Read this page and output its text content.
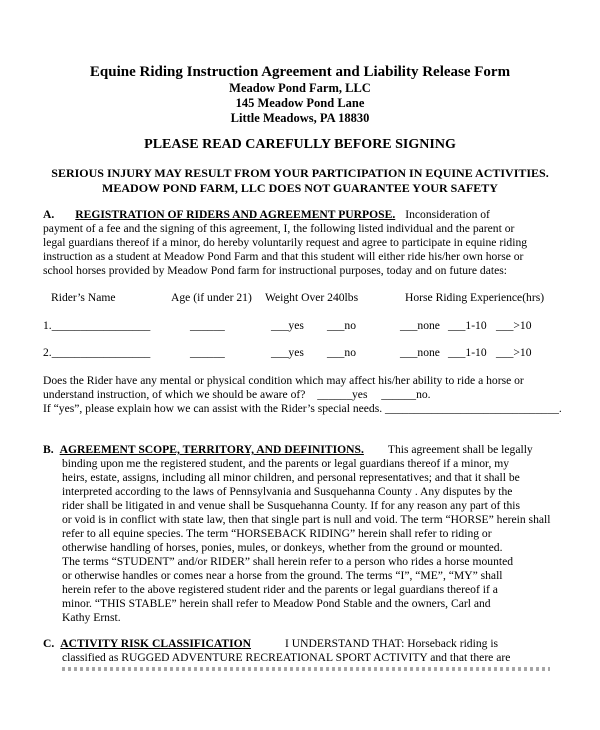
Equine Riding Instruction Agreement and Liability Release Form
Meadow Pond Farm, LLC
145 Meadow Pond Lane
Little Meadows, PA 18830
PLEASE READ CAREFULLY BEFORE SIGNING
SERIOUS INJURY MAY RESULT FROM YOUR PARTICIPATION IN EQUINE ACTIVITIES.
MEADOW POND FARM, LLC DOES NOT GUARANTEE YOUR SAFETY
A. REGISTRATION OF RIDERS AND AGREEMENT PURPOSE. Inconsideration of
payment of a fee and the signing of this agreement, I, the following listed individual and the parent or
legal guardians thereof if a minor, do hereby voluntarily request and agree to participate in equine riding
instruction as a student at Meadow Pond Farm and that this student will either ride his/her own horse or
school horses provided by Meadow Pond farm for instructional purposes, today and on future dates:
Rider’s Name	Age (if under 21) Weight Over 240lbs	Horse Riding Experience(hrs)
1._________________	______	___yes ___no	___none ___1-10 ___>10
2._________________	______	___yes ___no	___none ___1-10 ___>10
Does the Rider have any mental or physical condition which may affect his/her ability to ride a horse or
understand instruction, of which we should be aware of? ______yes ______no.
If “yes”, please explain how we can assist with the Rider’s special needs. ______________________________.
B. AGREEMENT SCOPE, TERRITORY, AND DEFINITIONS. This agreement shall be legally
binding upon me the registered student, and the parents or legal guardians thereof if a minor, my
heirs, estate, assigns, including all minor children, and personal representatives; and that it shall be
interpreted according to the laws of Pennsylvania and Susquehanna County . Any disputes by the
rider shall be litigated in and venue shall be Susquehanna County. If for any reason any part of this
or void is in conflict with state law, then that single part is null and void. The term “HORSE” herein shall
refer to all equine species. The term “HORSEBACK RIDING” herein shall refer to riding or
otherwise handling of horses, ponies, mules, or donkeys, whether from the ground or mounted.
The terms “STUDENT” and/or RIDER” shall herein refer to a person who rides a horse mounted
or otherwise handles or comes near a horse from the ground. The terms “I”, “ME”, “MY” shall
herein refer to the above registered student rider and the parents or legal guardians thereof if a
minor. “THIS STABLE” herein shall refer to Meadow Pond Stable and the owners, Carl and
Kathy Ernst.
C. ACTIVITY RISK CLASSIFICATION	I UNDERSTAND THAT: Horseback riding is
classified as RUGGED ADVENTURE RECREATIONAL SPORT ACTIVITY and that there are
